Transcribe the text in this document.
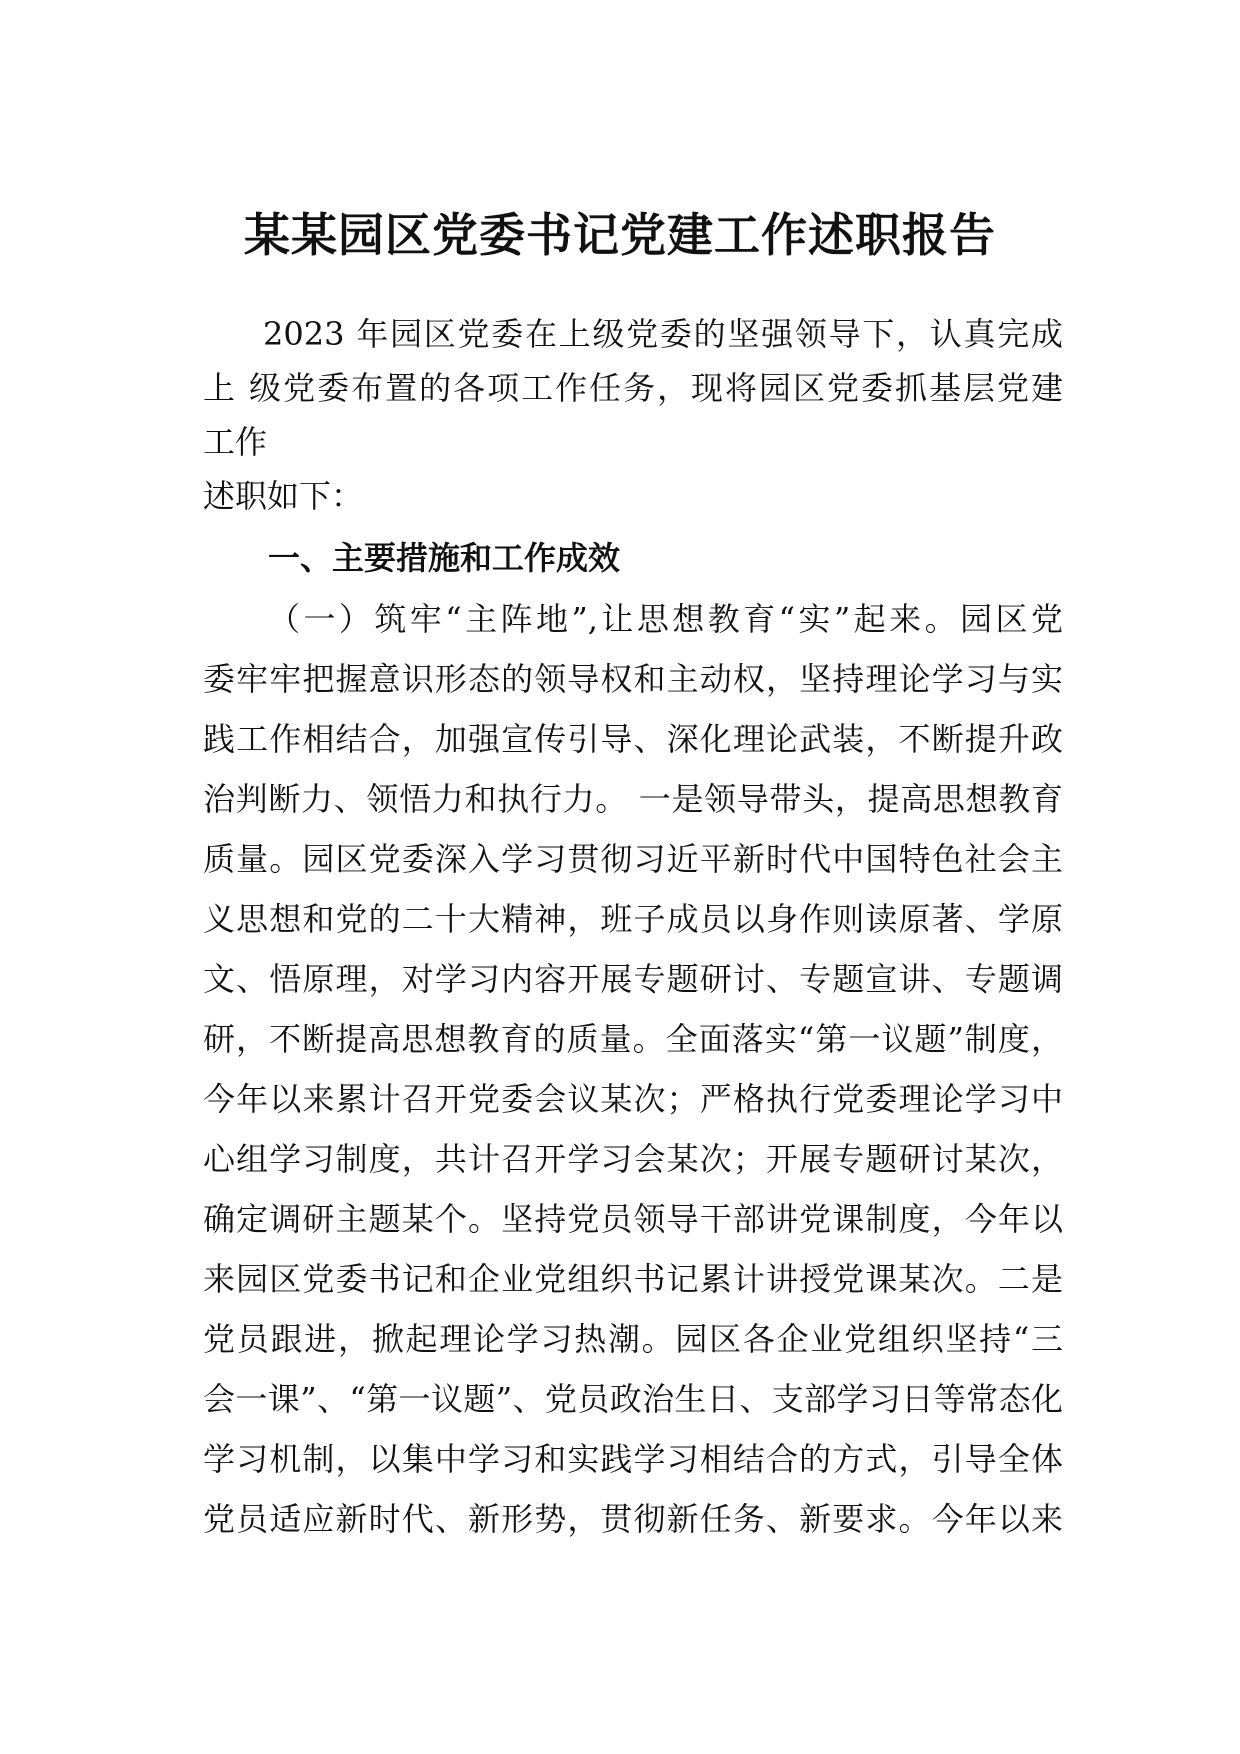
某某园区党委书记党建工作述职报告

2023 年园区党委在上级党委的坚强领导下，认真完成

上 级党委布置的各项工作任务，现将园区党委抓基层党建

工作

述职如下：

一、主要措施和工作成效

（一）筑牢“主阵地”,让思想教育“实”起来。园区党

委牢牢把握意识形态的领导权和主动权，坚持理论学习与实

践工作相结合，加强宣传引导、深化理论武装，不断提升政

治判断力、领悟力和执行力。 一是领导带头，提高思想教育

质量。园区党委深入学习贯彻习近平新时代中国特色社会主

义思想和党的二十大精神，班子成员以身作则读原著、学原

文、悟原理，对学习内容开展专题研讨、专题宣讲、专题调

研，不断提高思想教育的质量。全面落实“第一议题”制度，

今年以来累计召开党委会议某次；严格执行党委理论学习中

心组学习制度，共计召开学习会某次；开展专题研讨某次，

确定调研主题某个。坚持党员领导干部讲党课制度，今年以

来园区党委书记和企业党组织书记累计讲授党课某次。二是

党员跟进，掀起理论学习热潮。园区各企业党组织坚持“三

会一课”、“第一议题”、党员政治生日、支部学习日等常态化

学习机制，以集中学习和实践学习相结合的方式，引导全体

党员适应新时代、新形势，贯彻新任务、新要求。今年以来
